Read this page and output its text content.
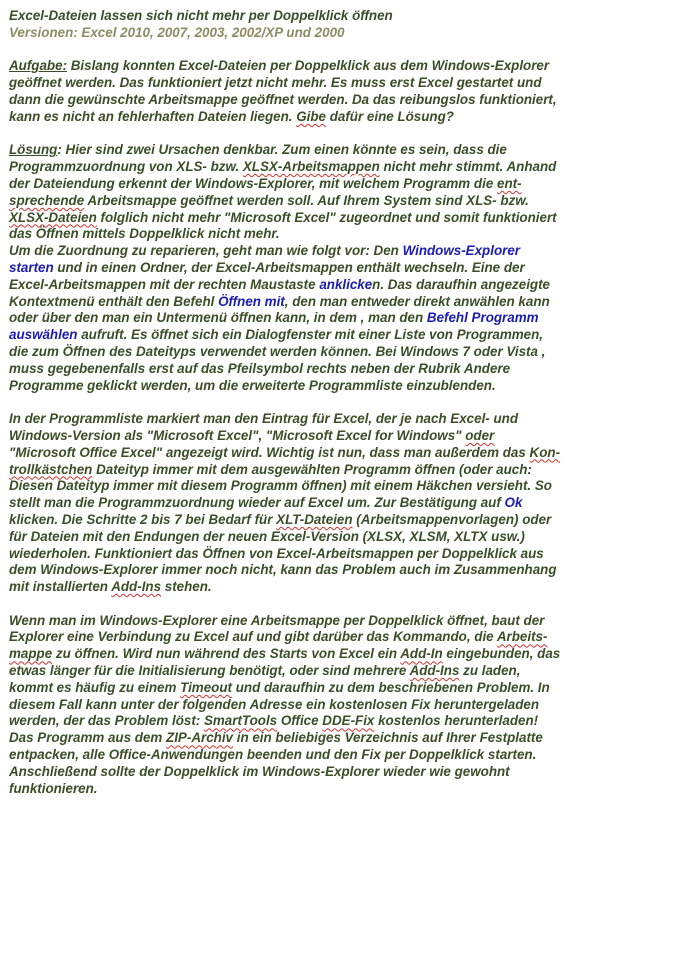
Excel-Dateien lassen sich nicht mehr per Doppelklick öffnen

Versionen: Excel 2010, 2007, 2003, 2002/XP und 2000

Aufgabe: Bislang konnten Excel-Dateien per Doppelklick aus dem Windows-Explorer
geöffnet werden. Das funktioniert jetzt nicht mehr. Es muss erst Excel gestartet und
dann die gewünschte Arbeitsmappe geöffnet werden. Da das reibungslos funktioniert,
kann es nicht an fehlerhaften Dateien liegen. Gibe dafür eine Lösung?

Lösung: Hier sind zwei Ursachen denkbar. Zum einen könnte es sein, dass die
Programmzuordnung von XLS- bzw. XLSX-Arbeitsmappen nicht mehr stimmt. Anhand
der Dateiendung erkennt der Windows-Explorer, mit welchem Programm die ent-
sprechende Arbeitsmappe geöffnet werden soll. Auf Ihrem System sind XLS- bzw.
XLSX-Dateien folglich nicht mehr "Microsoft Excel" zugeordnet und somit funktioniert
das Öffnen mittels Doppelklick nicht mehr.
Um die Zuordnung zu reparieren, geht man wie folgt vor: Den Windows-Explorer
starten und in einen Ordner, der Excel-Arbeitsmappen enthält wechseln. Eine der
Excel-Arbeitsmappen mit der rechten Maustaste anklicken. Das daraufhin angezeigte
Kontextmenü enthält den Befehl Öffnen mit, den man entweder direkt anwählen kann
oder über den man ein Untermenü öffnen kann, in dem , man den Befehl Programm
auswählen aufruft. Es öffnet sich ein Dialogfenster mit einer Liste von Programmen,
die zum Öffnen des Dateityps verwendet werden können. Bei Windows 7 oder Vista ,
muss gegebenenfalls erst auf das Pfeilsymbol rechts neben der Rubrik Andere
Programme geklickt werden, um die erweiterte Programmliste einzublenden.

In der Programmliste markiert man den Eintrag für Excel, der je nach Excel- und
Windows-Version als "Microsoft Excel", "Microsoft Excel for Windows" oder
"Microsoft Office Excel" angezeigt wird. Wichtig ist nun, dass man außerdem das Kon-
trollkästchen Dateityp immer mit dem ausgewählten Programm öffnen (oder auch:
Diesen Dateityp immer mit diesem Programm öffnen) mit einem Häkchen versieht. So
stellt man die Programmzuordnung wieder auf Excel um. Zur Bestätigung auf Ok
klicken. Die Schritte 2 bis 7 bei Bedarf für XLT-Dateien (Arbeitsmappenvorlagen) oder
für Dateien mit den Endungen der neuen Excel-Version (XLSX, XLSM, XLTX usw.)
wiederholen. Funktioniert das Öffnen von Excel-Arbeitsmappen per Doppelklick aus
dem Windows-Explorer immer noch nicht, kann das Problem auch im Zusammenhang
mit installierten Add-Ins stehen.

Wenn man im Windows-Explorer eine Arbeitsmappe per Doppelklick öffnet, baut der
Explorer eine Verbindung zu Excel auf und gibt darüber das Kommando, die Arbeits-
mappe zu öffnen. Wird nun während des Starts von Excel ein Add-In eingebunden, das
etwas länger für die Initialisierung benötigt, oder sind mehrere Add-Ins zu laden,
kommt es häufig zu einem Timeout und daraufhin zu dem beschriebenen Problem. In
diesem Fall kann unter der folgenden Adresse ein kostenlosen Fix heruntergeladen
werden, der das Problem löst: SmartTools Office DDE-Fix kostenlos herunterladen!
Das Programm aus dem ZIP-Archiv in ein beliebiges Verzeichnis auf Ihrer Festplatte
entpacken, alle Office-Anwendungen beenden und den Fix per Doppelklick starten.
Anschließend sollte der Doppelklick im Windows-Explorer wieder wie gewohnt
funktionieren.
